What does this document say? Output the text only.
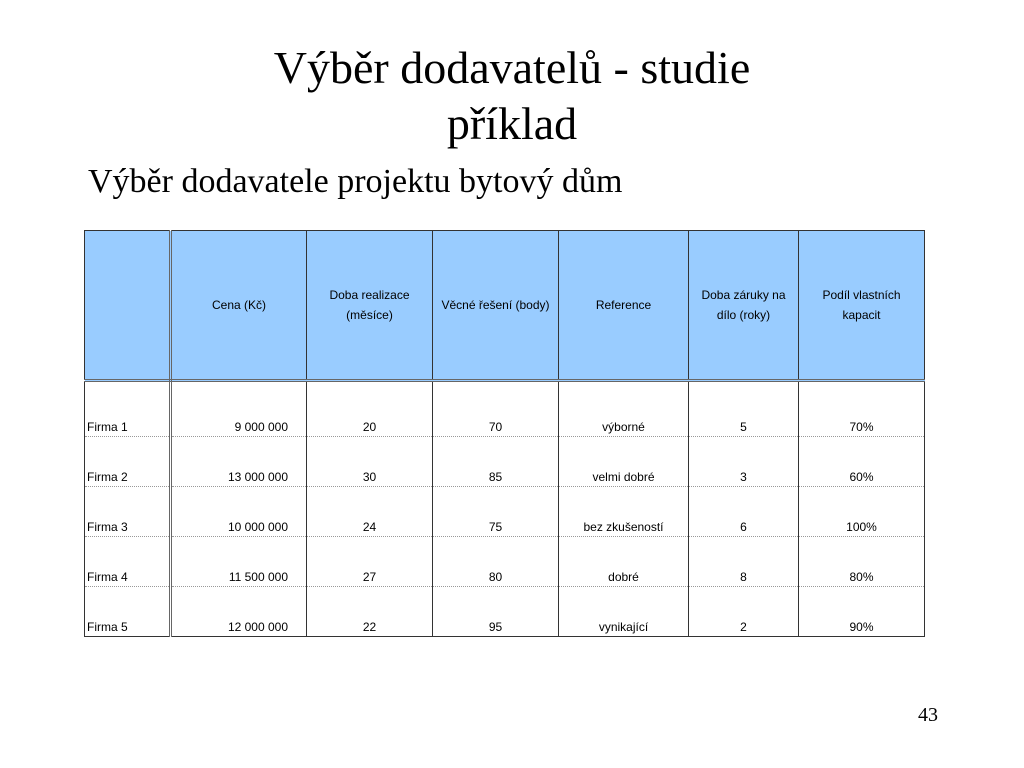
Výběr dodavatelů - studie
příklad
Výběr dodavatele projektu bytový dům
	Cena (Kč)	Doba realizace (měsíce)	Věcné řešení (body)	Reference	Doba záruky na dílo (roky)	Podíl vlastních kapacit
Firma 1	9 000 000	20	70	výborné	5	70%
Firma 2	13 000 000	30	85	velmi dobré	3	60%
Firma 3	10 000 000	24	75	bez zkušeností	6	100%
Firma 4	11 500 000	27	80	dobré	8	80%
Firma 5	12 000 000	22	95	vynikající	2	90%
43
